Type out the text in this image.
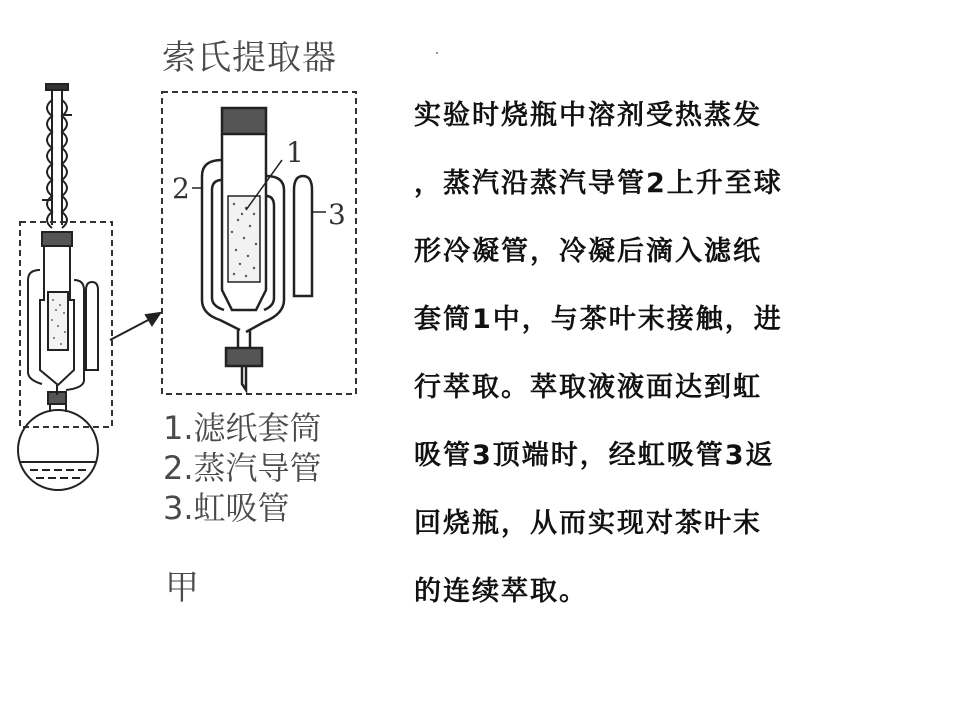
索氏提取器
1
2
3
1.滤纸套筒
2.蒸汽导管
3.虹吸管
甲
实验时烧瓶中溶剂受热蒸发
，蒸汽沿蒸汽导管2上升至球
形冷凝管，冷凝后滴入滤纸
套筒1中，与茶叶末接触，进
行萃取。萃取液液面达到虹
吸管3顶端时，经虹吸管3返
回烧瓶，从而实现对茶叶末
的连续萃取。
